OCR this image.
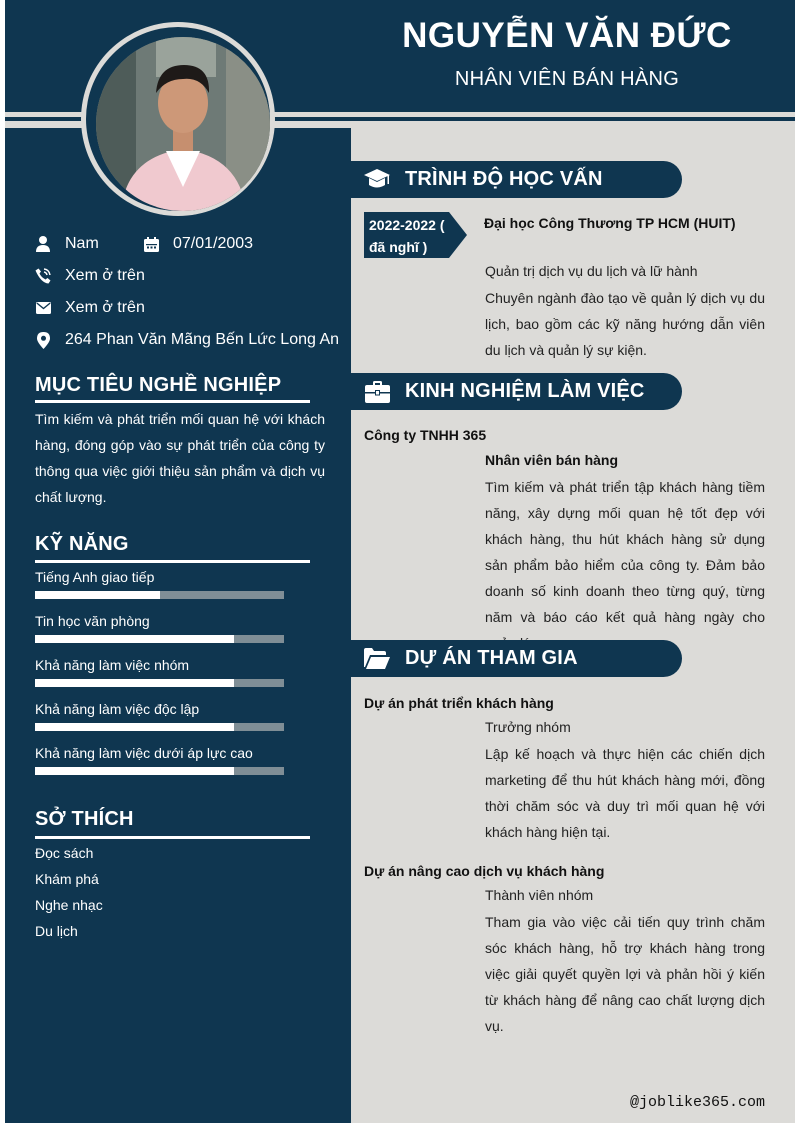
NGUYỄN VĂN ĐỨC
NHÂN VIÊN BÁN HÀNG
Nam	07/01/2003
Xem ở trên
Xem ở trên
264 Phan Văn Mãng Bến Lức Long An
MỤC TIÊU NGHỀ NGHIỆP
Tìm kiếm và phát triển mối quan hệ với khách hàng, đóng góp vào sự phát triển của công ty thông qua việc giới thiệu sản phẩm và dịch vụ chất lượng.
KỸ NĂNG
Tiếng Anh giao tiếp
Tin học văn phòng
Khả năng làm việc nhóm
Khả năng làm việc độc lập
Khả năng làm việc dưới áp lực cao
SỞ THÍCH
Đọc sách
Khám phá
Nghe nhạc
Du lịch
TRÌNH ĐỘ HỌC VẤN
2022-2022 ( đã nghĩ )
Đại học Công Thương TP HCM (HUIT)
Quản trị dịch vụ du lịch và lữ hành
Chuyên ngành đào tạo về quản lý dịch vụ du lịch, bao gồm các kỹ năng hướng dẫn viên du lịch và quản lý sự kiện.
KINH NGHIỆM LÀM VIỆC
Công ty TNHH 365
Nhân viên bán hàng
Tìm kiếm và phát triển tập khách hàng tiềm năng, xây dựng mối quan hệ tốt đẹp với khách hàng, thu hút khách hàng sử dụng sản phẩm bảo hiểm của công ty. Đảm bảo doanh số kinh doanh theo từng quý, từng năm và báo cáo kết quả hàng ngày cho
DỰ ÁN THAM GIA
Dự án phát triển khách hàng
Trưởng nhóm
Lập kế hoạch và thực hiện các chiến dịch marketing để thu hút khách hàng mới, đồng thời chăm sóc và duy trì mối quan hệ với khách hàng hiện tại.
Dự án nâng cao dịch vụ khách hàng
Thành viên nhóm
Tham gia vào việc cải tiến quy trình chăm sóc khách hàng, hỗ trợ khách hàng trong việc giải quyết quyền lợi và phản hồi ý kiến từ khách hàng để nâng cao chất lượng dịch vụ.
@joblike365.com
